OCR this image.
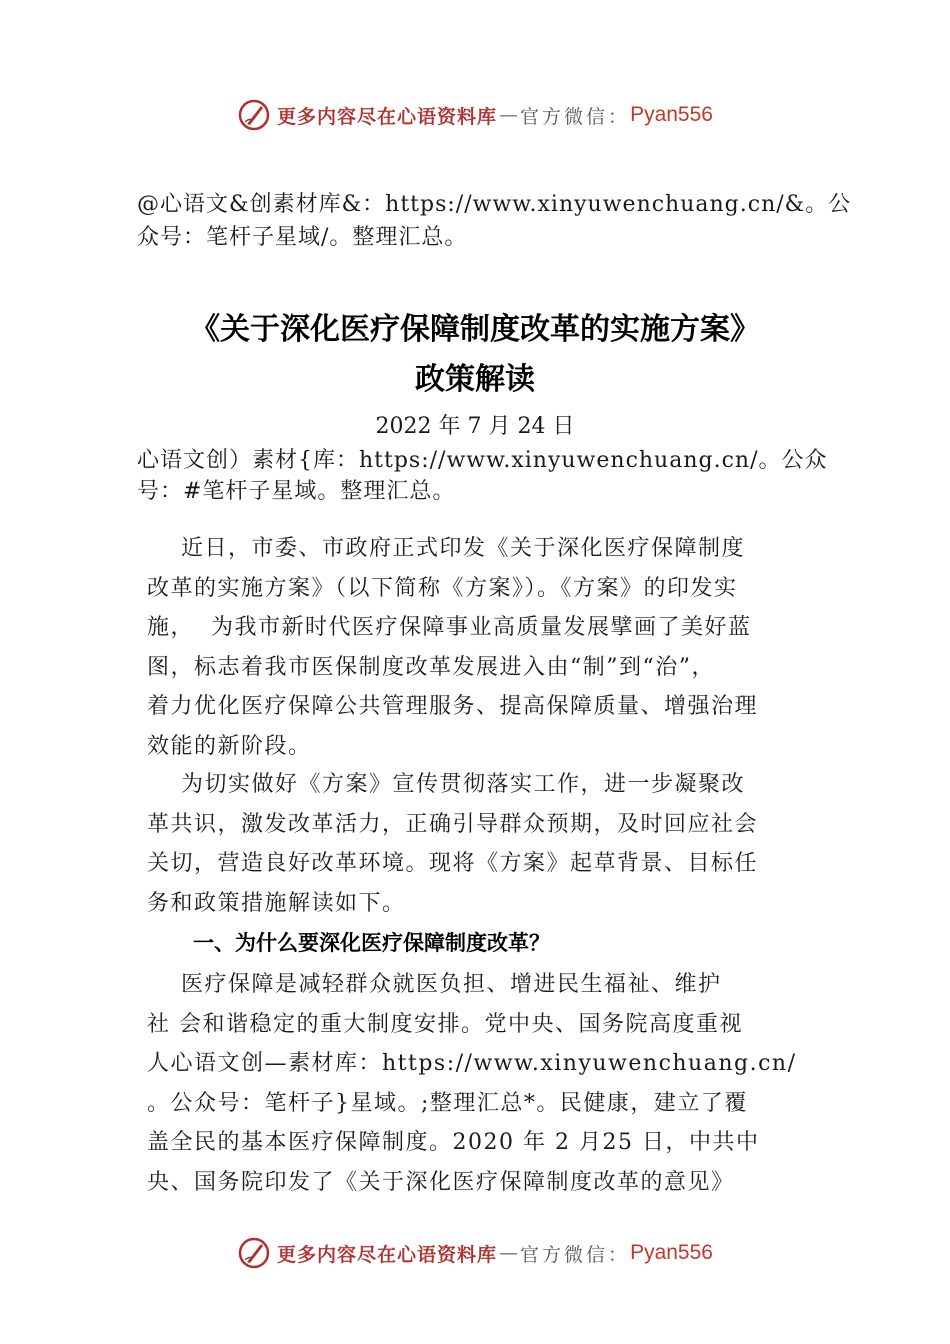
更多内容尽在心语资料库 — 官方微信： Pyan556
@心语文&创素材库&：https://www.xinyuwenchuang.cn/&。公
众号：笔杆子星域/。整理汇总。
《关于深化医疗保障制度改革的实施方案》
政策解读
2022 年 7 月 24 日
心语文创）素材{库：https://www.xinyuwenchuang.cn/。公众
号：#笔杆子星域。整理汇总。
近日，市委、市政府正式印发《关于深化医疗保障制度
改革的实施方案》（以下简称《方案》）。《方案》的印发实
施，  为我市新时代医疗保障事业高质量发展擘画了美好蓝
图，标志着我市医保制度改革发展进入由“制”到“治”，
着力优化医疗保障公共管理服务、提高保障质量、增强治理
效能的新阶段。
为切实做好《方案》宣传贯彻落实工作，进一步凝聚改
革共识，激发改革活力，正确引导群众预期，及时回应社会
关切，营造良好改革环境。现将《方案》起草背景、目标任
务和政策措施解读如下。
一、为什么要深化医疗保障制度改革？
医疗保障是减轻群众就医负担、增进民生福祉、维护
社 会和谐稳定的重大制度安排。党中央、国务院高度重视
人心语文创—素材库：https://www.xinyuwenchuang.cn/
。公众号：笔杆子}星域。;整理汇总*。民健康，建立了覆
盖全民的基本医疗保障制度。2020 年 2 月25 日，中共中
央、国务院印发了《关于深化医疗保障制度改革的意见》
更多内容尽在心语资料库 — 官方微信： Pyan556
